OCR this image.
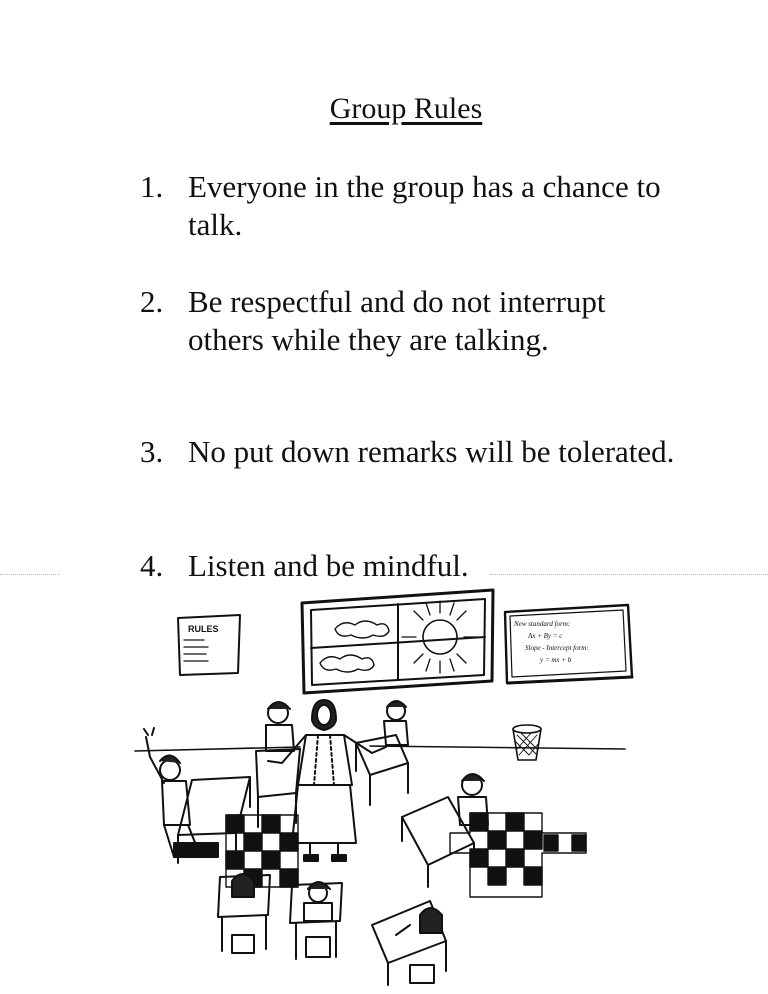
Group Rules
1. Everyone in the group has a chance to talk.
2. Be respectful and do not interrupt others while they are talking.
3. No put down remarks will be tolerated.
4. Listen and be mindful.
RULES	New standard form:
Ax + By = c
Slope - Intercept form:
y = mx + b
